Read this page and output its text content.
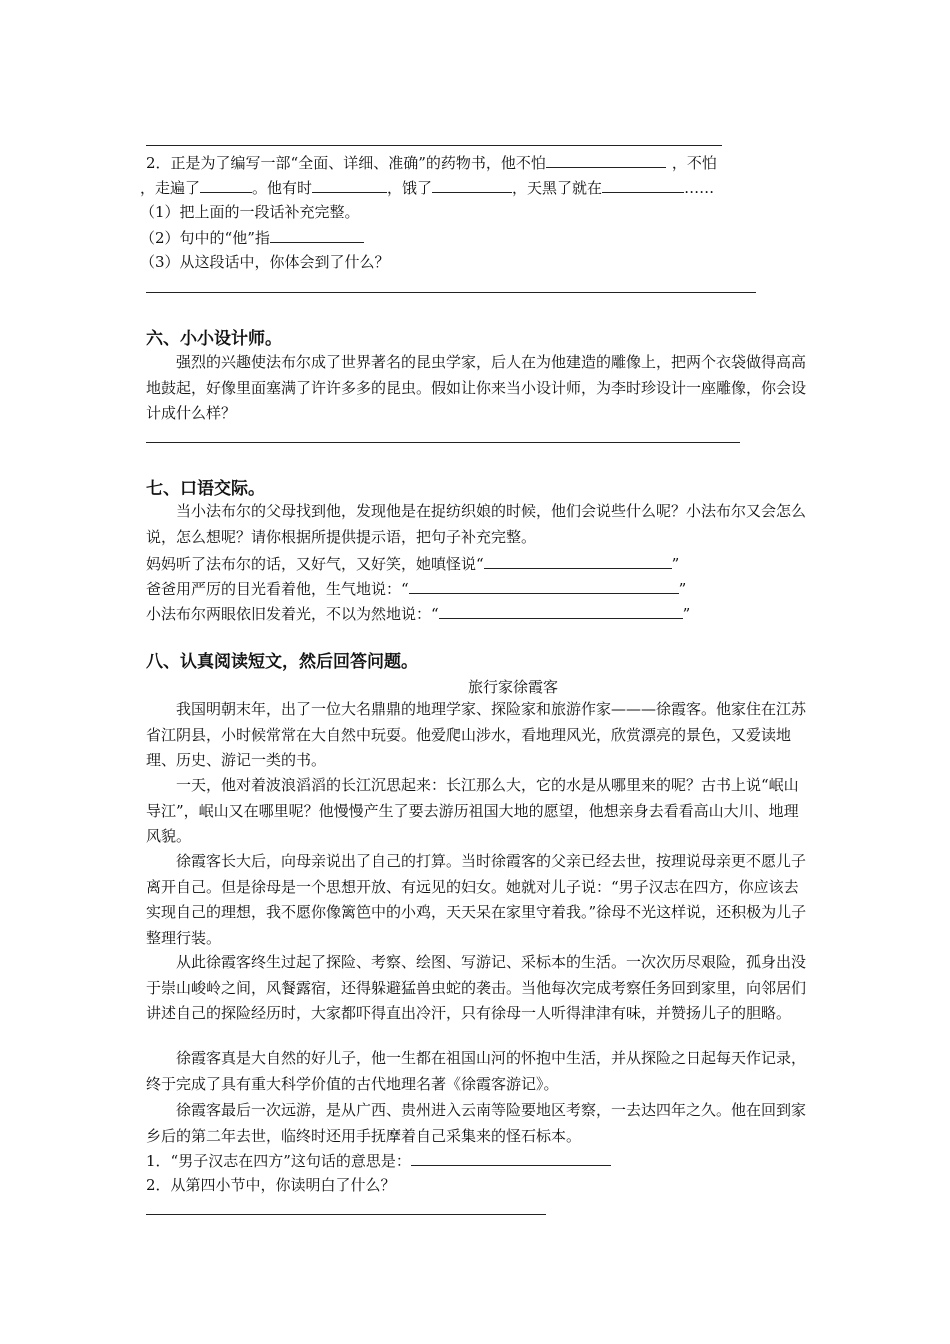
2．正是为了编写一部“全面、详细、准确”的药物书，他不怕	，不怕
，走遍了	。他有时	，饿了	，天黑了就在	……
（1）把上面的一段话补充完整。
（2）句中的“他”指
（3）从这段话中，你体会到了什么？
六、小小设计师。
强烈的兴趣使法布尔成了世界著名的昆虫学家，后人在为他建造的雕像上，把两个衣袋做得高高地鼓起，好像里面塞满了许许多多的昆虫。假如让你来当小设计师，为李时珍设计一座雕像，你会设计成什么样？
七、口语交际。
当小法布尔的父母找到他，发现他是在捉纺织娘的时候，他们会说些什么呢？小法布尔又会怎么说，怎么想呢？请你根据所提供提示语，把句子补充完整。
妈妈听了法布尔的话，又好气，又好笑，她嗔怪说“	”
爸爸用严厉的目光看着他，生气地说：“	”
小法布尔两眼依旧发着光，不以为然地说：“	”
八、认真阅读短文，然后回答问题。
旅行家徐霞客
我国明朝末年，出了一位大名鼎鼎的地理学家、探险家和旅游作家———徐霞客。他家住在江苏省江阴县，小时候常常在大自然中玩耍。他爱爬山涉水，看地理风光，欣赏漂亮的景色，又爱读地理、历史、游记一类的书。
一天，他对着波浪滔滔的长江沉思起来：长江那么大，它的水是从哪里来的呢？古书上说“岷山导江”，岷山又在哪里呢？他慢慢产生了要去游历祖国大地的愿望，他想亲身去看看高山大川、地理风貌。
徐霞客长大后，向母亲说出了自己的打算。当时徐霞客的父亲已经去世，按理说母亲更不愿儿子离开自己。但是徐母是一个思想开放、有远见的妇女。她就对儿子说：“男子汉志在四方，你应该去实现自己的理想，我不愿你像篱笆中的小鸡，天天呆在家里守着我。”徐母不光这样说，还积极为儿子整理行装。
从此徐霞客终生过起了探险、考察、绘图、写游记、采标本的生活。一次次历尽艰险，孤身出没于崇山峻岭之间，风餐露宿，还得躲避猛兽虫蛇的袭击。当他每次完成考察任务回到家里，向邻居们讲述自己的探险经历时，大家都吓得直出冷汗，只有徐母一人听得津津有味，并赞扬儿子的胆略。
徐霞客真是大自然的好儿子，他一生都在祖国山河的怀抱中生活，并从探险之日起每天作记录，终于完成了具有重大科学价值的古代地理名著《徐霞客游记》。
徐霞客最后一次远游，是从广西、贵州进入云南等险要地区考察，一去达四年之久。他在回到家乡后的第二年去世，临终时还用手抚摩着自己采集来的怪石标本。
1．“男子汉志在四方”这句话的意思是：
2．从第四小节中，你读明白了什么？
